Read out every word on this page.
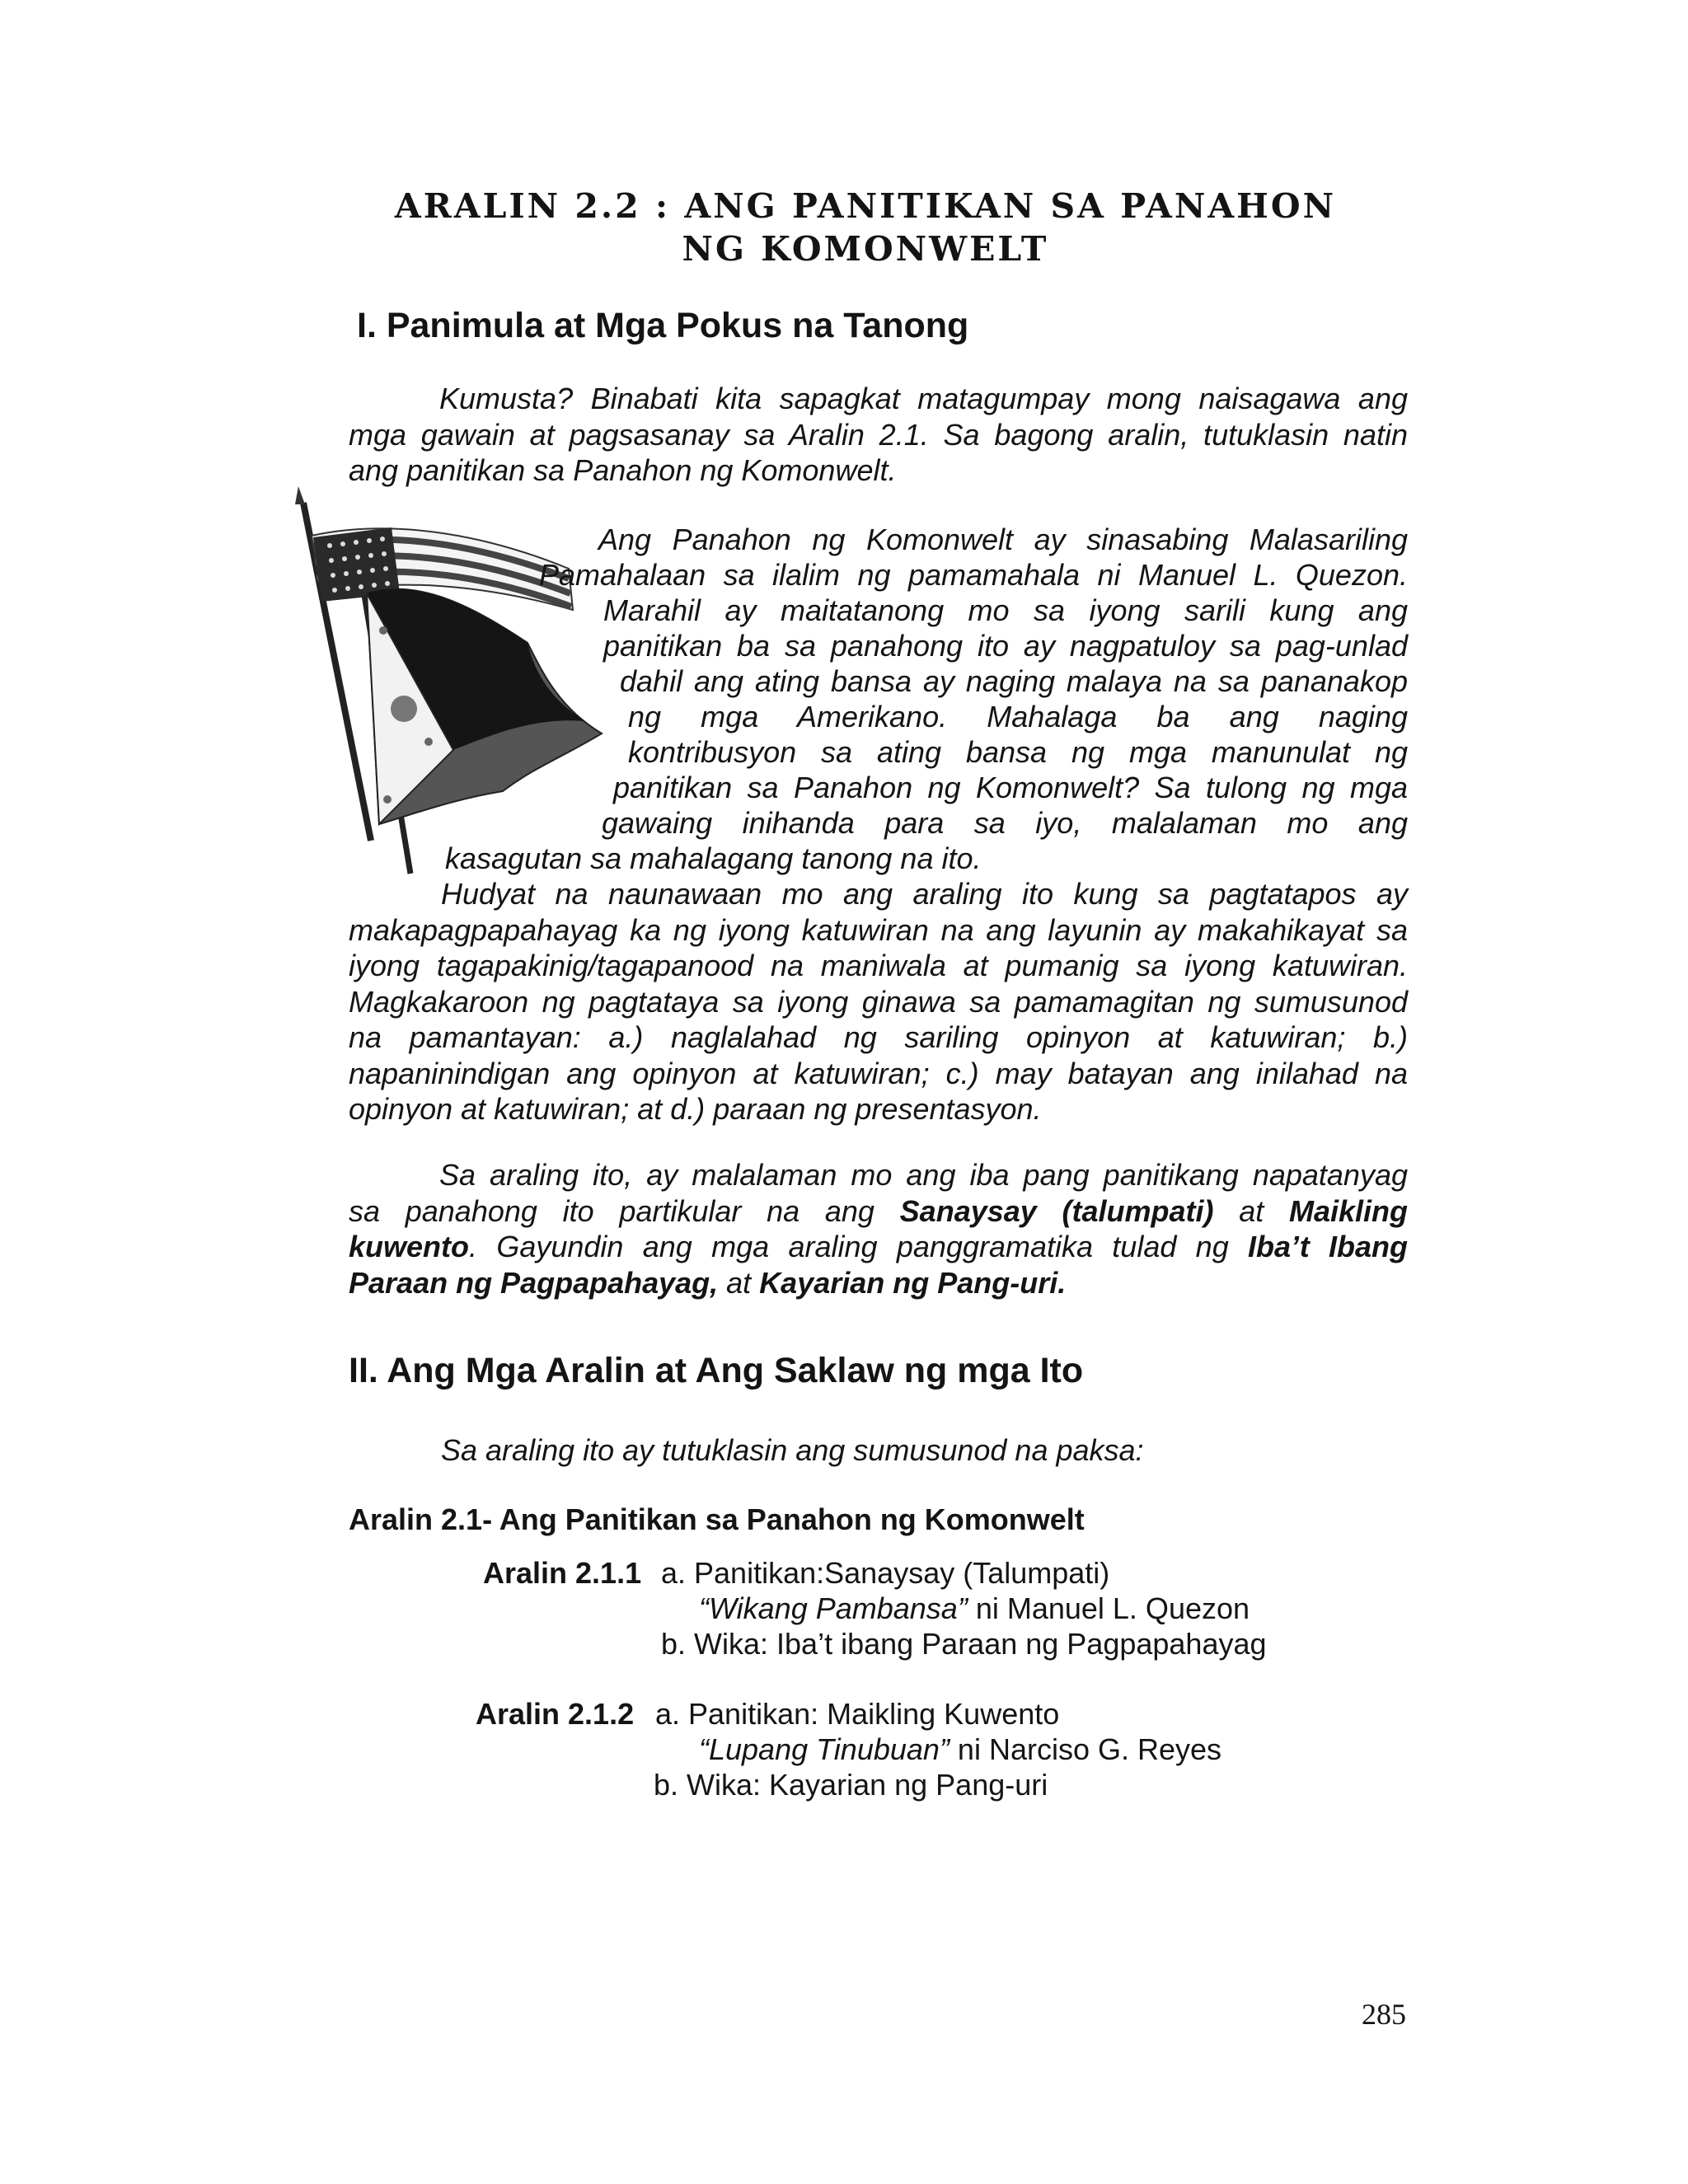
ARALIN 2.2 : ANG PANITIKAN SA PANAHON
NG KOMONWELT
I. Panimula at Mga Pokus na Tanong
Kumusta? Binabati kita sapagkat matagumpay mong naisagawa ang
mga gawain at pagsasanay sa Aralin 2.1. Sa bagong aralin, tutuklasin natin
ang panitikan sa Panahon ng Komonwelt.
Ang Panahon ng Komonwelt ay sinasabing Malasariling
Pamahalaan sa ilalim ng pamamahala ni Manuel L. Quezon.
Marahil ay maitatanong mo sa iyong sarili kung ang
panitikan ba sa panahong ito ay nagpatuloy sa pag-unlad
dahil ang ating bansa ay naging malaya na sa pananakop
ng mga Amerikano. Mahalaga ba ang naging
kontribusyon sa ating bansa ng mga manunulat ng
panitikan sa Panahon ng Komonwelt? Sa tulong ng mga
gawaing inihanda para sa iyo, malalaman mo ang
kasagutan sa mahalagang tanong na ito.
Hudyat na naunawaan mo ang araling ito kung sa pagtatapos ay
makapagpapahayag ka ng iyong katuwiran na ang layunin ay makahikayat sa
iyong tagapakinig/tagapanood na maniwala at pumanig sa iyong katuwiran.
Magkakaroon ng pagtataya sa iyong ginawa sa pamamagitan ng sumusunod
na pamantayan: a.) naglalahad ng sariling opinyon at katuwiran; b.)
napaninindigan ang opinyon at katuwiran; c.) may batayan ang inilahad na
opinyon at katuwiran; at d.) paraan ng presentasyon.
Sa araling ito, ay malalaman mo ang iba pang panitikang napatanyag
sa panahong ito partikular na ang Sanaysay (talumpati) at Maikling
kuwento. Gayundin ang mga araling panggramatika tulad ng Iba’t Ibang
Paraan ng Pagpapahayag, at Kayarian ng Pang-uri.
II. Ang Mga Aralin at Ang Saklaw ng mga Ito
Sa araling ito ay tutuklasin ang sumusunod na paksa:
Aralin 2.1- Ang Panitikan sa Panahon ng Komonwelt
Aralin 2.1.1 a. Panitikan:Sanaysay (Talumpati)
“Wikang Pambansa” ni Manuel L. Quezon
b. Wika: Iba’t ibang Paraan ng Pagpapahayag
Aralin 2.1.2 a. Panitikan: Maikling Kuwento
“Lupang Tinubuan” ni Narciso G. Reyes
b. Wika: Kayarian ng Pang-uri
285
